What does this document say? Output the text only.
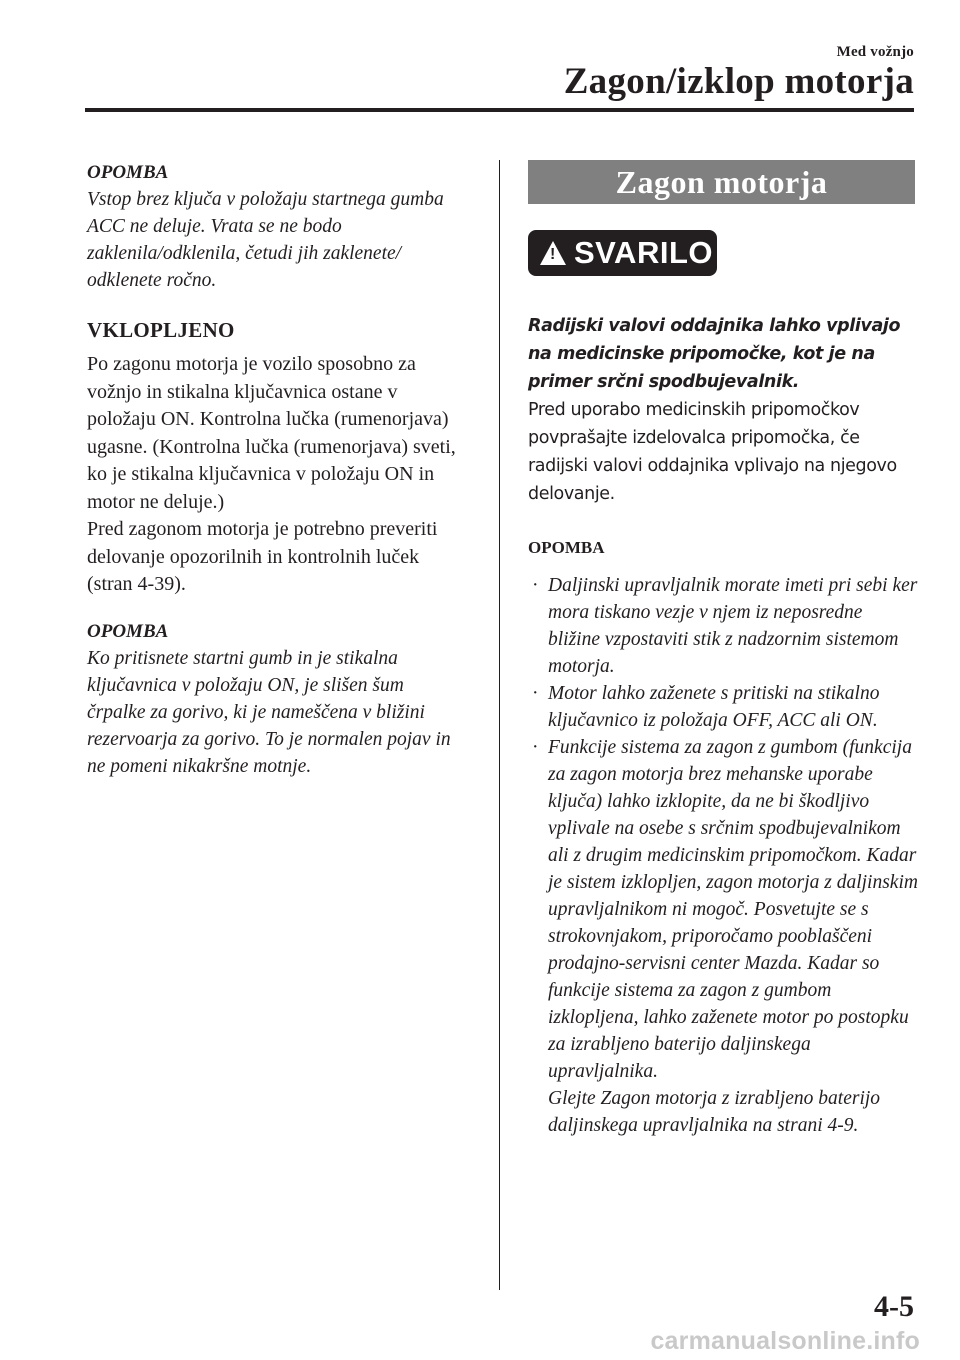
Med vožnjo
Zagon/izklop motorja
OPOMBA

Vstop brez ključa v položaju startnega gumba ACC ne deluje. Vrata se ne bodo zaklenila/odklenila, četudi jih zaklenete/ odklenete ročno.

VKLOPLJENO

Po zagonu motorja je vozilo sposobno za vožnjo in stikalna ključavnica ostane v položaju ON. Kontrolna lučka (rumenorjava) ugasne. (Kontrolna lučka (rumenorjava) sveti, ko je stikalna ključavnica v položaju ON in motor ne deluje.)

Pred zagonom motorja je potrebno preveriti delovanje opozorilnih in kontrolnih luček (stran 4-39).

OPOMBA

Ko pritisnete startni gumb in je stikalna ključavnica v položaju ON, je slišen šum črpalke za gorivo, ki je nameščena v bližini rezervoarja za gorivo. To je normalen pojav in ne pomeni nikakršne motnje.

Zagon motorja
! SVARILO
Radijski valovi oddajnika lahko vplivajo na medicinske pripomočke, kot je na primer srčni spodbujevalnik.
Pred uporabo medicinskih pripomočkov povprašajte izdelovalca pripomočka, če radijski valovi oddajnika vplivajo na njegovo delovanje.
OPOMBA
· Daljinski upravljalnik morate imeti pri sebi ker mora tiskano vezje v njem iz neposredne bližine vzpostaviti stik z nadzornim sistemom motorja.
· Motor lahko zaženete s pritiski na stikalno ključavnico iz položaja OFF, ACC ali ON.
· Funkcije sistema za zagon z gumbom (funkcija za zagon motorja brez mehanske uporabe ključa) lahko izklopite, da ne bi škodljivo vplivale na osebe s srčnim spodbujevalnikom ali z drugim medicinskim pripomočkom. Kadar je sistem izklopljen, zagon motorja z daljinskim upravljalnikom ni mogoč. Posvetujte se s strokovnjakom, priporočamo pooblaščeni prodajno-servisni center Mazda. Kadar so funkcije sistema za zagon z gumbom izklopljena, lahko zaženete motor po postopku za izrabljeno baterijo daljinskega upravljalnika.
Glejte Zagon motorja z izrabljeno baterijo daljinskega upravljalnika na strani 4-9.
4-5
carmanualsonline.info
